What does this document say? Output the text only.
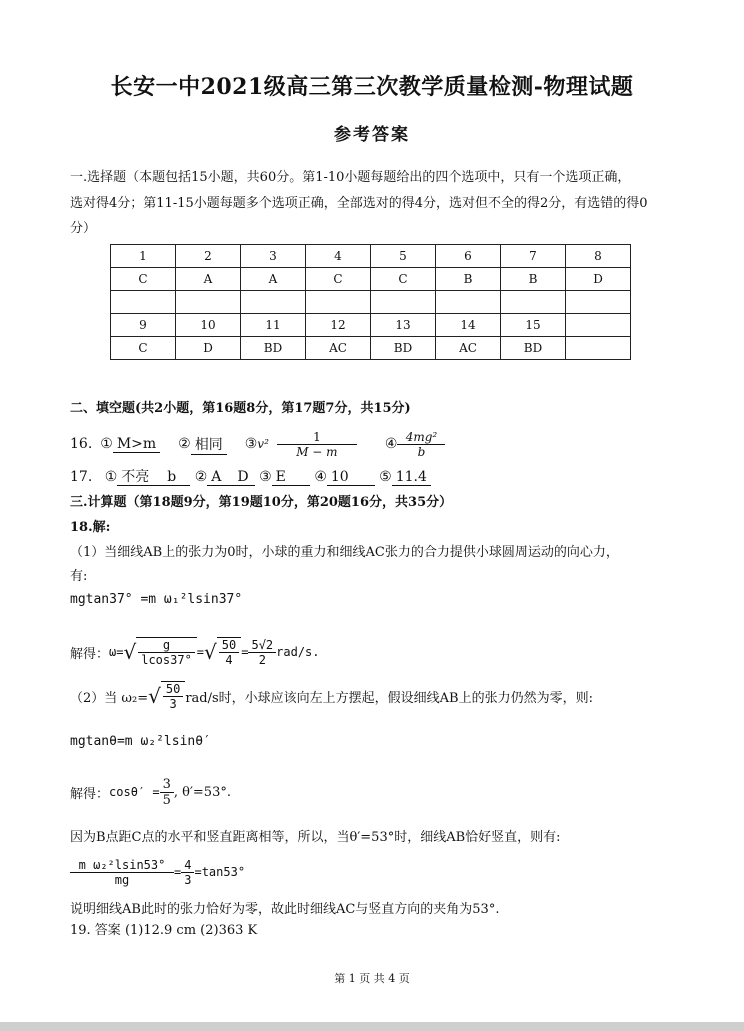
长安一中2021级高三第三次教学质量检测-物理试题
参考答案
一.选择题（本题包括15小题，共60分。第1-10小题每题给出的四个选项中，只有一个选项正确，
选对得4分；第11-15小题每题多个选项正确，全部选对的得4分，选对但不全的得2分，有选错的得0
分）
1	2	3	4	5	6	7	8
C	A	A	C	C	B	B	D

9	10	11	12	13	14	15	
C	D	BD	AC	BD	AC	BD	
二、填空题(共2小题，第16题8分，第17题7分，共15分)
16. ① M>m ② 相同 ③ $v^2 \frac{1}{M - m}$ ④ $\frac{\text{4mg²}}{b}$
17. ① 不亮 b ② A D ③ E ④ 10 ⑤ 11.4
三.计算题（第18题9分，第19题10分，第20题16分，共35分）
18.解:
（1）当细线AB上的张力为0时，小球的重力和细线AC张力的合力提供小球圆周运动的向心力，
有:
mgtan37° =m ω₁²lsin37°
解得： ω= √ $\frac{g}{lcos37^\circ}$ = √ $\frac{50}{4} = \frac{5√2}{2} rad/s$.
（2）当 ω₂= √ $\frac{50}{3} rad/s$时，小球应该向左上方摆起，假设细线AB上的张力仍然为零，则:
mgtanθ=m ω₂²lsinθ′
解得： $\cos\theta' = \frac{3}{5}$ , θ′=53°.
因为B点距C点的水平和竖直距离相等，所以，当θ′=53°时，细线AB恰好竖直，则有:
$\frac{\text{m ω₂²lsin53°}}{mg} = \frac{4}{3} =\tan 53^\circ$
说明细线AB此时的张力恰好为零，故此时细线AC与竖直方向的夹角为53°.
19. 答案 (1)12.9 cm (2)363 K
第 1 页 共 4 页
